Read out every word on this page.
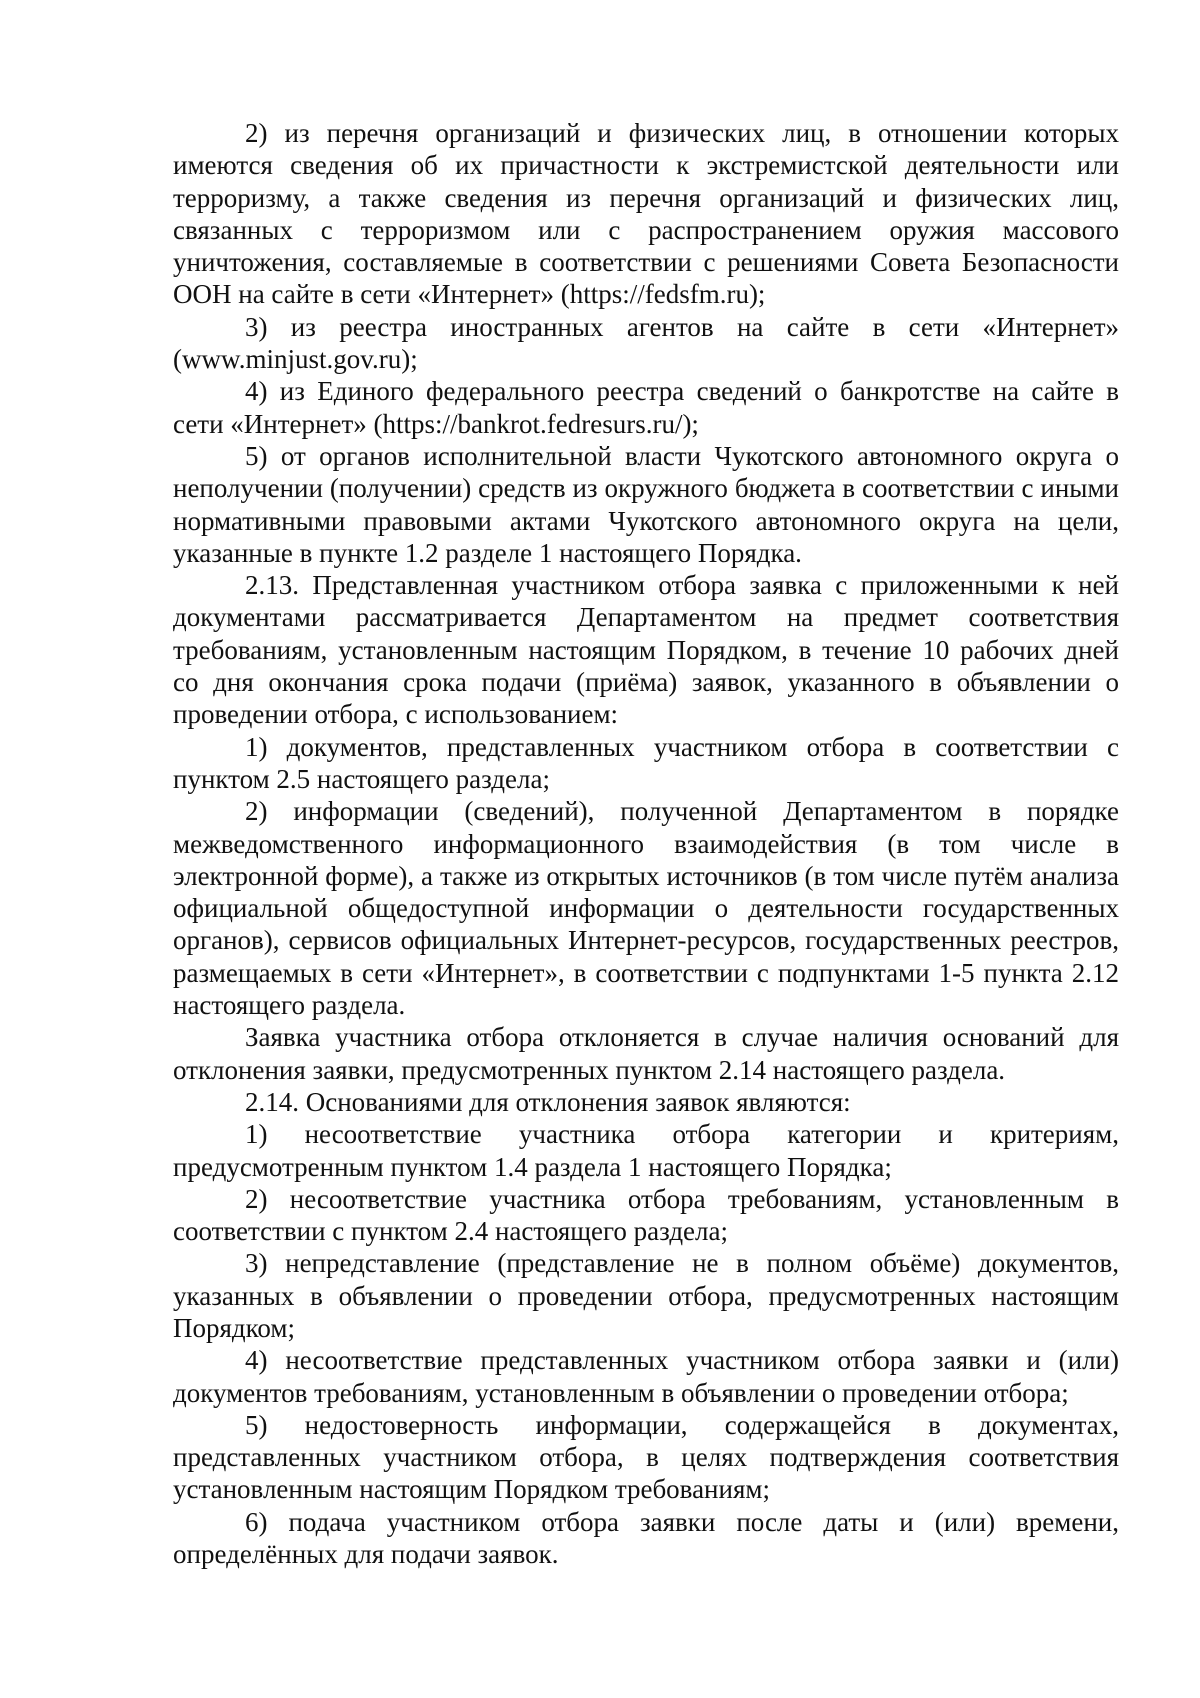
2) из перечня организаций и физических лиц, в отношении которых имеются сведения об их причастности к экстремистской деятельности или терроризму, а также сведения из перечня организаций и физических лиц, связанных с терроризмом или с распространением оружия массового уничтожения, составляемые в соответствии с решениями Совета Безопасности ООН на сайте в сети «Интернет» (https://fedsfm.ru);

3) из реестра иностранных агентов на сайте в сети «Интернет» (www.minjust.gov.ru);

4) из Единого федерального реестра сведений о банкротстве на сайте в сети «Интернет» (https://bankrot.fedresurs.ru/);

5) от органов исполнительной власти Чукотского автономного округа о неполучении (получении) средств из окружного бюджета в соответствии с иными нормативными правовыми актами Чукотского автономного округа на цели, указанные в пункте 1.2 разделе 1 настоящего Порядка.

2.13. Представленная участником отбора заявка с приложенными к ней документами рассматривается Департаментом на предмет соответствия требованиям, установленным настоящим Порядком, в течение 10 рабочих дней со дня окончания срока подачи (приёма) заявок, указанного в объявлении о проведении отбора, с использованием:

1) документов, представленных участником отбора в соответствии с пунктом 2.5 настоящего раздела;

2) информации (сведений), полученной Департаментом в порядке межведомственного информационного взаимодействия (в том числе в электронной форме), а также из открытых источников (в том числе путём анализа официальной общедоступной информации о деятельности государственных органов), сервисов официальных Интернет-ресурсов, государственных реестров, размещаемых в сети «Интернет», в соответствии с подпунктами 1-5 пункта 2.12 настоящего раздела.

Заявка участника отбора отклоняется в случае наличия оснований для отклонения заявки, предусмотренных пунктом 2.14 настоящего раздела.

2.14. Основаниями для отклонения заявок являются:

1) несоответствие участника отбора категории и критериям, предусмотренным пунктом 1.4 раздела 1 настоящего Порядка;

2) несоответствие участника отбора требованиям, установленным в соответствии с пунктом 2.4 настоящего раздела;

3) непредставление (представление не в полном объёме) документов, указанных в объявлении о проведении отбора, предусмотренных настоящим Порядком;

4) несоответствие представленных участником отбора заявки и (или) документов требованиям, установленным в объявлении о проведении отбора;

5) недостоверность информации, содержащейся в документах, представленных участником отбора, в целях подтверждения соответствия установленным настоящим Порядком требованиям;

6) подача участником отбора заявки после даты и (или) времени, определённых для подачи заявок.
